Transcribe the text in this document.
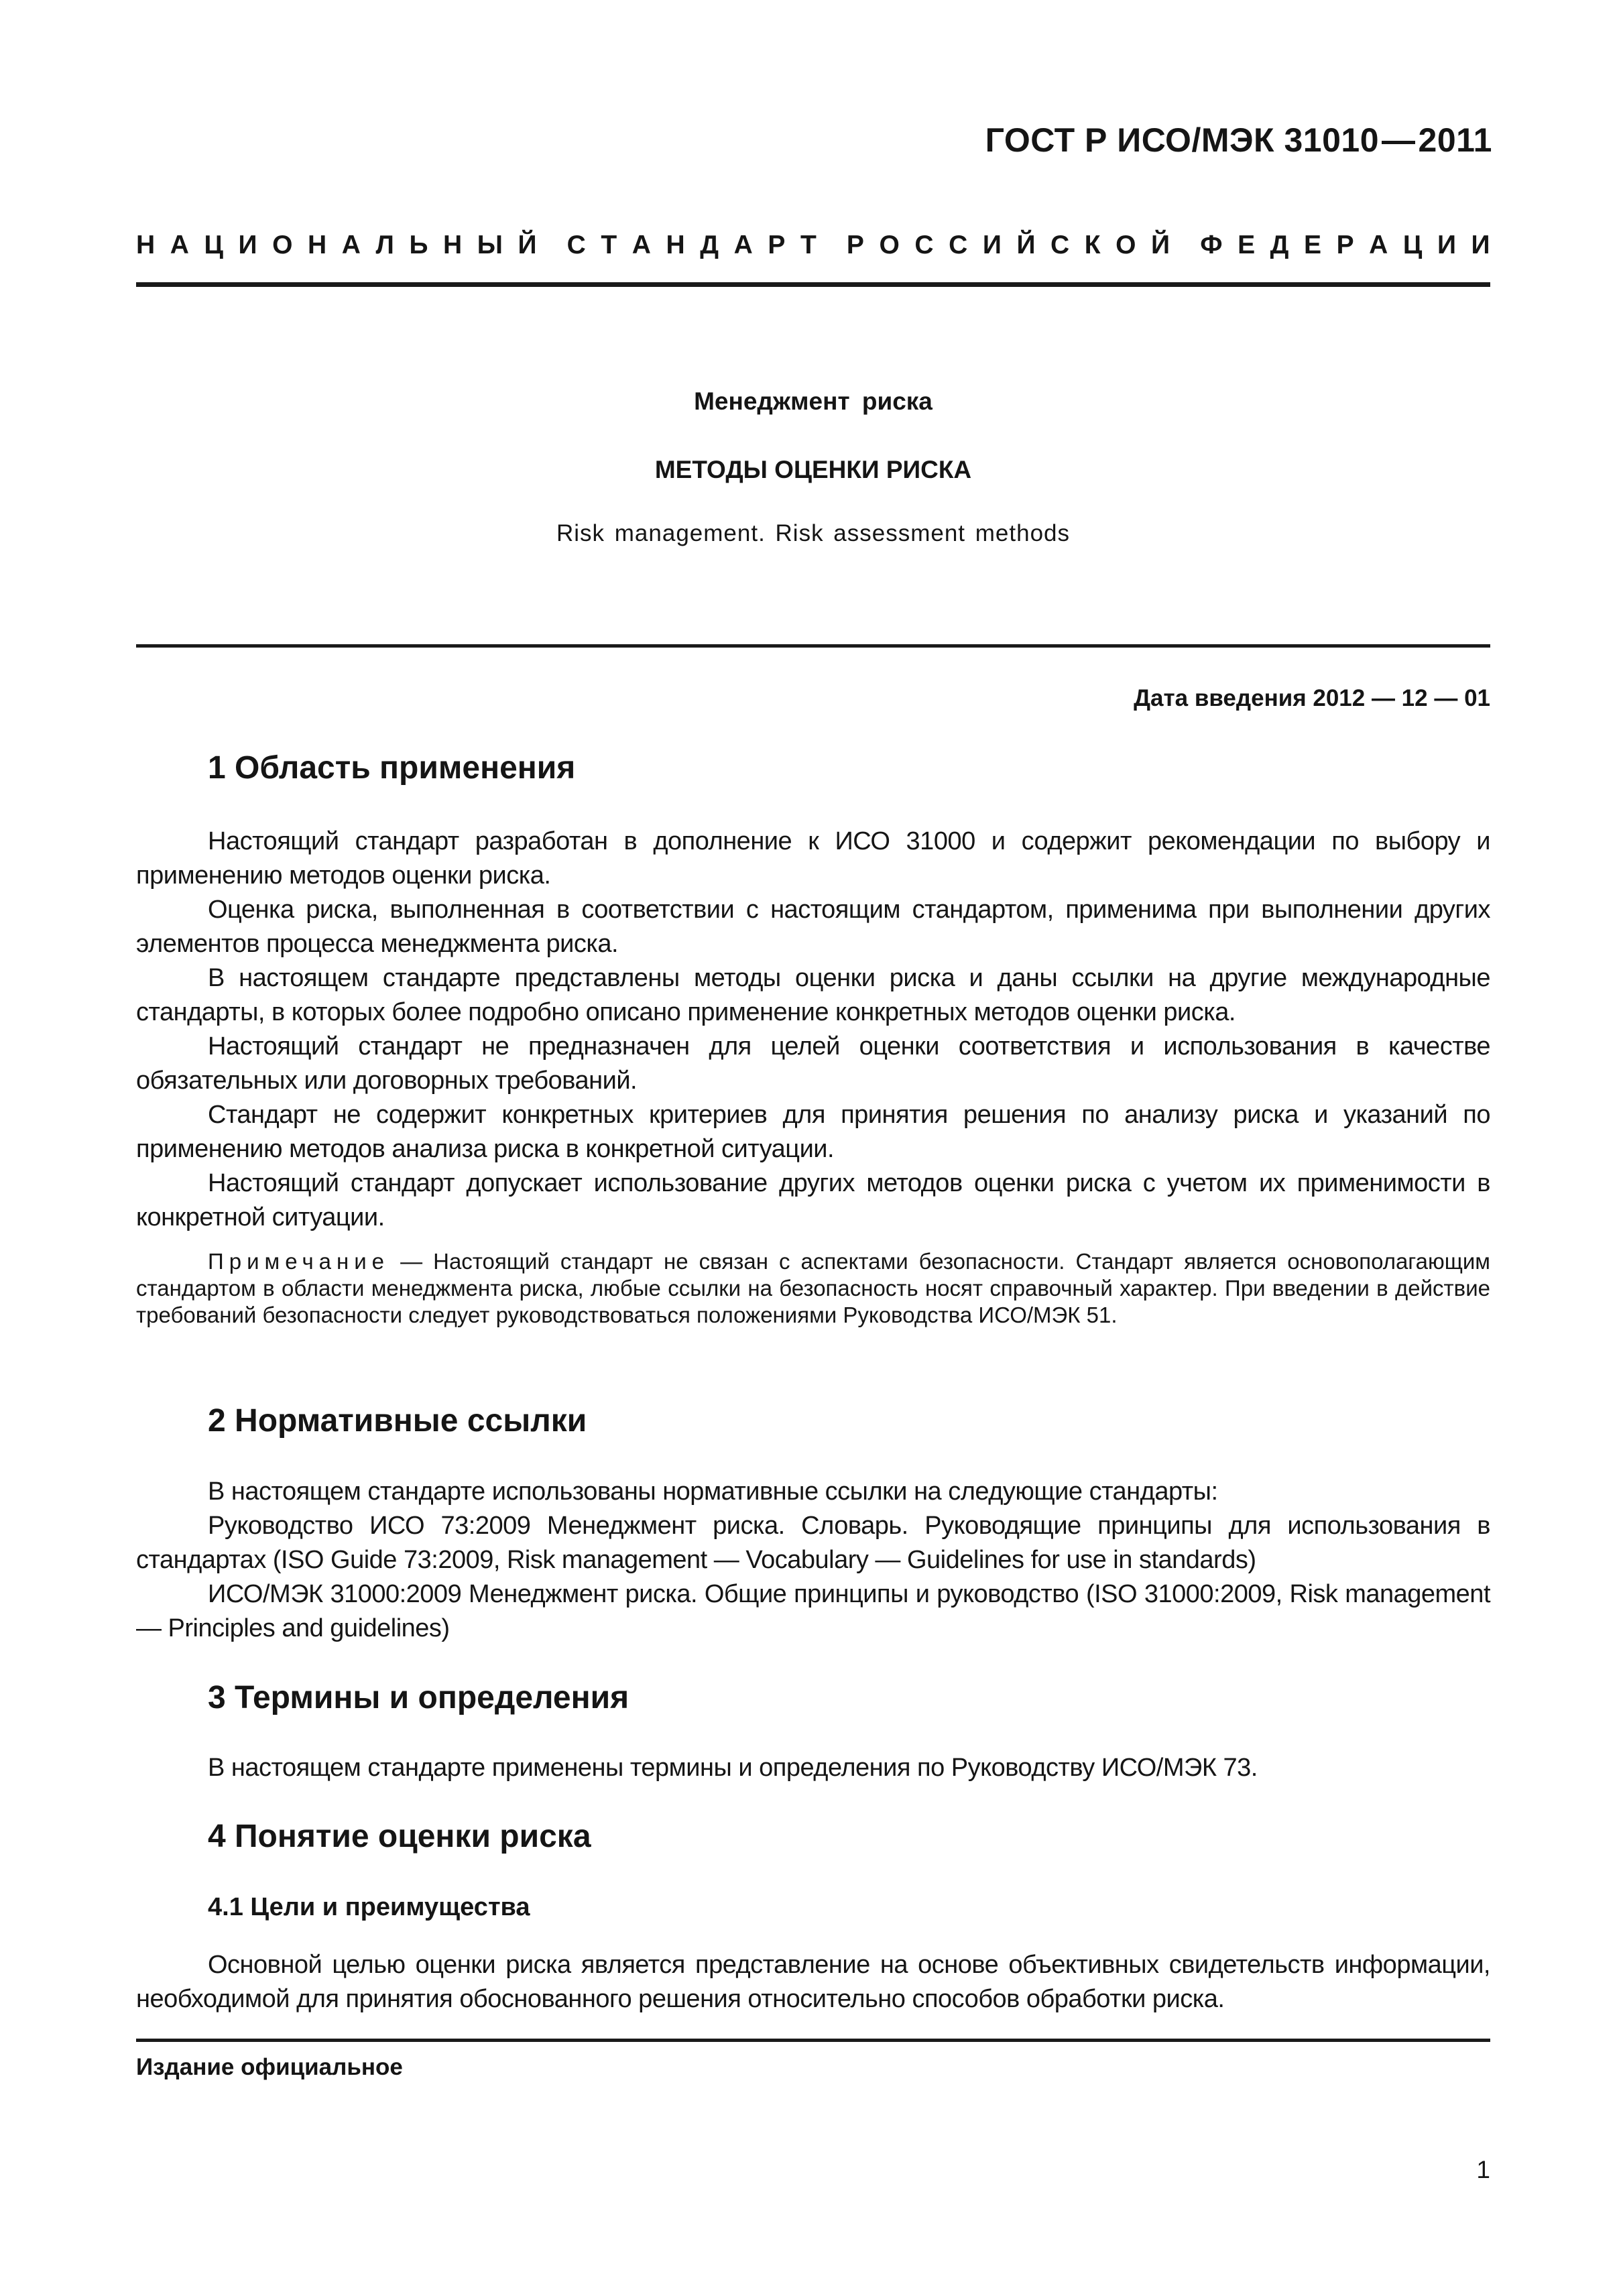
ГОСТ Р ИСО/МЭК 31010—2011
Н А Ц И О Н А Л Ь Н Ы Й С Т А Н Д А Р Т Р О С С И Й С К О Й Ф Е Д Е Р А Ц И И
Менеджмент риска
МЕТОДЫ ОЦЕНКИ РИСКА
Risk management. Risk assessment methods
Дата введения 2012 — 12 — 01
1 Область применения

Настоящий стандарт разработан в дополнение к ИСО 31000 и содержит рекомендации по выбору и применению методов оценки риска.

Оценка риска, выполненная в соответствии с настоящим стандартом, применима при выполнении других элементов процесса менеджмента риска.

В настоящем стандарте представлены методы оценки риска и даны ссылки на другие международные стандарты, в которых более подробно описано применение конкретных методов оценки риска.

Настоящий стандарт не предназначен для целей оценки соответствия и использования в качестве обязательных или договорных требований.

Стандарт не содержит конкретных критериев для принятия решения по анализу риска и указаний по применению методов анализа риска в конкретной ситуации.

Настоящий стандарт допускает использование других методов оценки риска с учетом их применимости в конкретной ситуации.

Примечание — Настоящий стандарт не связан с аспектами безопасности. Стандарт является основополагающим стандартом в области менеджмента риска, любые ссылки на безопасность носят справочный характер. При введении в действие требований безопасности следует руководствоваться положениями Руководства ИСО/МЭК 51.

2 Нормативные ссылки

В настоящем стандарте использованы нормативные ссылки на следующие стандарты:

Руководство ИСО 73:2009 Менеджмент риска. Словарь. Руководящие принципы для использования в стандартах (ISO Guide 73:2009, Risk management — Vocabulary — Guidelines for use in standards)

ИСО/МЭК 31000:2009 Менеджмент риска. Общие принципы и руководство (ISO 31000:2009, Risk management — Principles and guidelines)

3 Термины и определения

В настоящем стандарте применены термины и определения по Руководству ИСО/МЭК 73.

4 Понятие оценки риска
4.1 Цели и преимущества

Основной целью оценки риска является представление на основе объективных свидетельств информации, необходимой для принятия обоснованного решения относительно способов обработки риска.

Издание официальное
1
